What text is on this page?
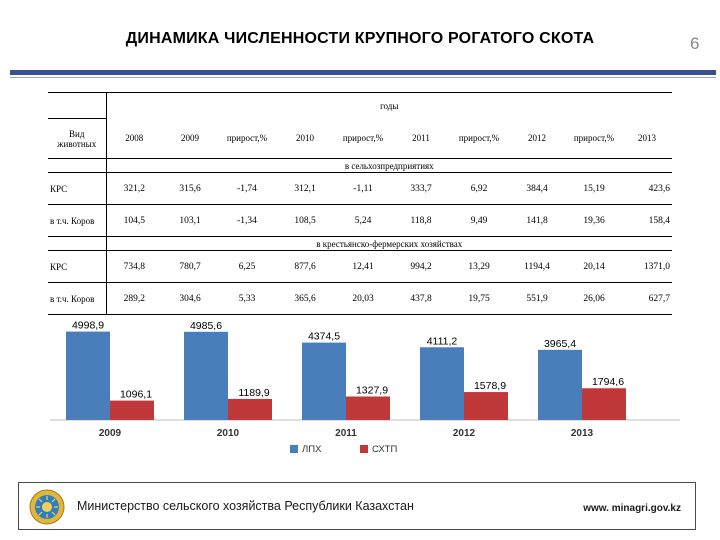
ДИНАМИКА ЧИСЛЕННОСТИ КРУПНОГО РОГАТОГО СКОТА	6
	годы									

Вид
животных	2008	2009	прирост,%	2010	прирост,%	2011	прирост,%	2012	прирост,%	2013
	в сельхозпредприятиях									
КРС	321,2	315,6	-1,74	312,1	-1,11	333,7	6,92	384,4	15,19	423,6
в т.ч. Коров	104,5	103,1	-1,34	108,5	5,24	118,8	9,49	141,8	19,36	158,4
	в крестьянско-фермерских хозяйствах									
КРС	734,8	780,7	6,25	877,6	12,41	994,2	13,29	1194,4	20,14	1371,0
в т.ч. Коров	289,2	304,6	5,33	365,6	20,03	437,8	19,75	551,9	26,06	627,7
4998,9
1096,1
2009
4985,6
1189,9
2010
4374,5
1327,9
2011
4111,2
1578,9
2012
3965,4
1794,6
2013
ЛПХ	СХТП
Министерство сельского хозяйства Республики Казахстан	www. minagri.gov.kz
